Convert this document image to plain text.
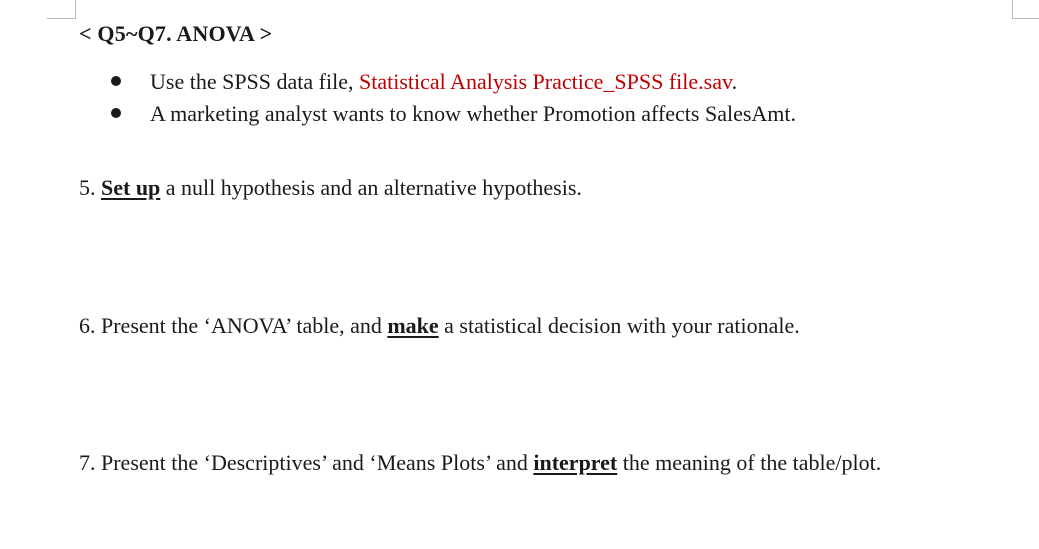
< Q5~Q7. ANOVA >
Use the SPSS data file, Statistical Analysis Practice_SPSS file.sav.
A marketing analyst wants to know whether Promotion affects SalesAmt.
5. Set up a null hypothesis and an alternative hypothesis.
6. Present the ‘ANOVA’ table, and make a statistical decision with your rationale.
7. Present the ‘Descriptives’ and ‘Means Plots’ and interpret the meaning of the table/plot.
